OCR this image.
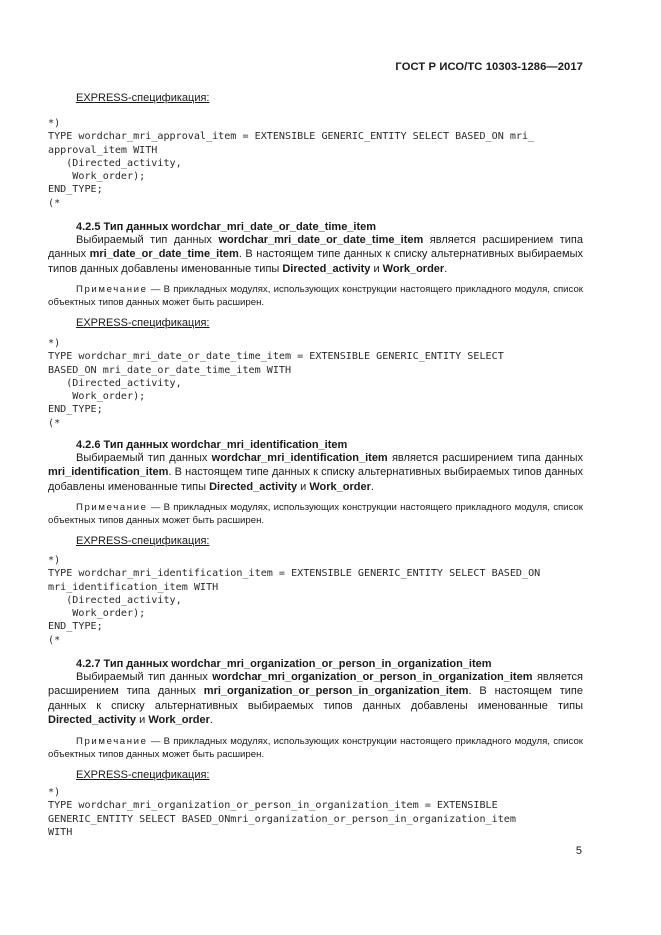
ГОСТ Р ИСО/ТС 10303-1286—2017

EXPRESS-спецификация:

*)
TYPE wordchar_mri_approval_item = EXTENSIBLE GENERIC_ENTITY SELECT BASED_ON mri_
approval_item WITH
(Directed_activity,
Work_order);
END_TYPE;
(*

4.2.5 Тип данных wordchar_mri_date_or_date_time_item

Выбираемый тип данных wordchar_mri_date_or_date_time_item является расширением типа данных mri_date_or_date_time_item. В настоящем типе данных к списку альтернативных выбираемых типов данных добавлены именованные типы Directed_activity и Work_order.

Примечание — В прикладных модулях, использующих конструкции настоящего прикладного модуля, список объектных типов данных может быть расширен.

EXPRESS-спецификация:

*)
TYPE wordchar_mri_date_or_date_time_item = EXTENSIBLE GENERIC_ENTITY SELECT
BASED_ON mri_date_or_date_time_item WITH
(Directed_activity,
Work_order);
END_TYPE;
(*

4.2.6 Тип данных wordchar_mri_identification_item

Выбираемый тип данных wordchar_mri_identification_item является расширением типа данных mri_identification_item. В настоящем типе данных к списку альтернативных выбираемых типов данных добавлены именованные типы Directed_activity и Work_order.

Примечание — В прикладных модулях, использующих конструкции настоящего прикладного модуля, список объектных типов данных может быть расширен.

EXPRESS-спецификация:

*)
TYPE wordchar_mri_identification_item = EXTENSIBLE GENERIC_ENTITY SELECT BASED_ON
mri_identification_item WITH
(Directed_activity,
Work_order);
END_TYPE;
(*

4.2.7 Тип данных wordchar_mri_organization_or_person_in_organization_item

Выбираемый тип данных wordchar_mri_organization_or_person_in_organization_item является расширением типа данных mri_organization_or_person_in_organization_item. В настоящем типе данных к списку альтернативных выбираемых типов данных добавлены именованные типы Directed_activity и Work_order.

Примечание — В прикладных модулях, использующих конструкции настоящего прикладного модуля, список объектных типов данных может быть расширен.

EXPRESS-спецификация:

*)
TYPE wordchar_mri_organization_or_person_in_organization_item = EXTENSIBLE
GENERIC_ENTITY SELECT BASED_ONmri_organization_or_person_in_organization_item
WITH
5
